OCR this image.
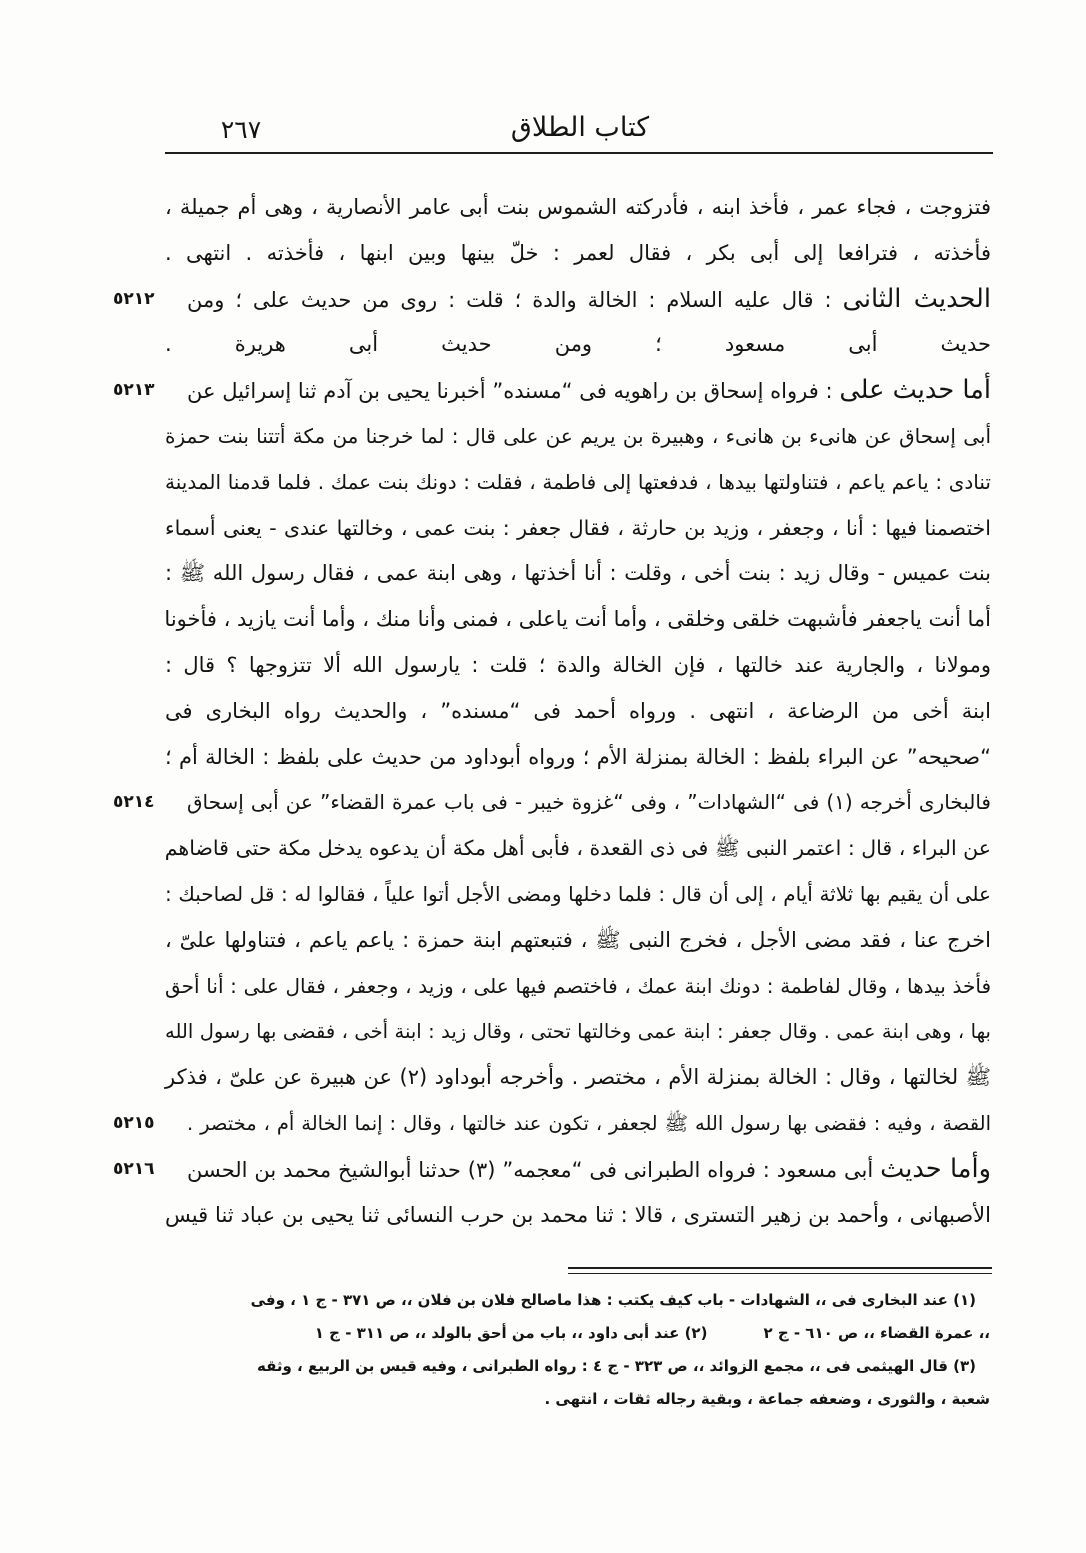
كتاب الطلاق
٢٦٧
فتزوجت ، فجاء عمر ، فأخذ ابنه ، فأدركته الشموس بنت أبى عامر الأنصارية ، وهى أم جميلة ،
فأخذته ، فترافعا إلى أبى بكر ، فقال لعمر : خلّ بينها وبين ابنها ، فأخذته . انتهى .
الحديث الثانى : قال عليه السلام : الخالة والدة ؛ قلت : روى من حديث على ؛ ومن
٥٢١٢
حديث أبى مسعود ؛ ومن حديث أبى هريرة .
أما حديث على : فرواه إسحاق بن راهويه فى “مسنده” أخبرنا يحيى بن آدم ثنا إسرائيل عن
٥٢١٣
أبى إسحاق عن هانىء بن هانىء ، وهبيرة بن يريم عن على قال : لما خرجنا من مكة أتتنا بنت حمزة
تنادى : ياعم ياعم ، فتناولتها بيدها ، فدفعتها إلى فاطمة ، فقلت : دونك بنت عمك . فلما قدمنا المدينة
اختصمنا فيها : أنا ، وجعفر ، وزيد بن حارثة ، فقال جعفر : بنت عمى ، وخالتها عندى - يعنى أسماء
بنت عميس - وقال زيد : بنت أخى ، وقلت : أنا أخذتها ، وهى ابنة عمى ، فقال رسول الله ﷺ :
أما أنت ياجعفر فأشبهت خلقى وخلقى ، وأما أنت ياعلى ، فمنى وأنا منك ، وأما أنت يازيد ، فأخونا
ومولانا ، والجارية عند خالتها ، فإن الخالة والدة ؛ قلت : يارسول الله ألا تتزوجها ؟ قال :
ابنة أخى من الرضاعة ، انتهى . ورواه أحمد فى “مسنده” ، والحديث رواه البخارى فى
“صحيحه” عن البراء بلفظ : الخالة بمنزلة الأم ؛ ورواه أبوداود من حديث على بلفظ : الخالة أم ؛
فالبخارى أخرجه (١) فى “الشهادات” ، وفى “غزوة خيبر - فى باب عمرة القضاء” عن أبى إسحاق
٥٢١٤
عن البراء ، قال : اعتمر النبى ﷺ فى ذى القعدة ، فأبى أهل مكة أن يدعوه يدخل مكة حتى قاضاهم
على أن يقيم بها ثلاثة أيام ، إلى أن قال : فلما دخلها ومضى الأجل أتوا علياً ، فقالوا له : قل لصاحبك :
اخرج عنا ، فقد مضى الأجل ، فخرج النبى ﷺ ، فتبعتهم ابنة حمزة : ياعم ياعم ، فتناولها علىّ ،
فأخذ بيدها ، وقال لفاطمة : دونك ابنة عمك ، فاختصم فيها على ، وزيد ، وجعفر ، فقال على : أنا أحق
بها ، وهى ابنة عمى . وقال جعفر : ابنة عمى وخالتها تحتى ، وقال زيد : ابنة أخى ، فقضى بها رسول الله
ﷺ لخالتها ، وقال : الخالة بمنزلة الأم ، مختصر . وأخرجه أبوداود (٢) عن هبيرة عن علىّ ، فذكر
القصة ، وفيه : فقضى بها رسول الله ﷺ لجعفر ، تكون عند خالتها ، وقال : إنما الخالة أم ، مختصر .
٥٢١٥
وأما حديث أبى مسعود : فرواه الطبرانى فى “معجمه” (٣) حدثنا أبوالشيخ محمد بن الحسن
٥٢١٦
الأصبهانى ، وأحمد بن زهير التسترى ، قالا : ثنا محمد بن حرب النسائى ثنا يحيى بن عباد ثنا قيس
(١) عند البخارى فى ،، الشهادات - باب كيف يكتب : هذا ماصالح فلان بن فلان ،، ص ٣٧١ - ج ١ ، وفى
،، عمرة القضاء ،، ص ٦١٠ - ج ٢(٢) عند أبى داود ،، باب من أحق بالولد ،، ص ٣١١ - ج ١
(٣) قال الهيثمى فى ،، مجمع الزوائد ،، ص ٣٢٣ - ج ٤ : رواه الطبرانى ، وفيه قيس بن الربيع ، وثقه
شعبة ، والثورى ، وضعفه جماعة ، وبقية رجاله ثقات ، انتهى .
